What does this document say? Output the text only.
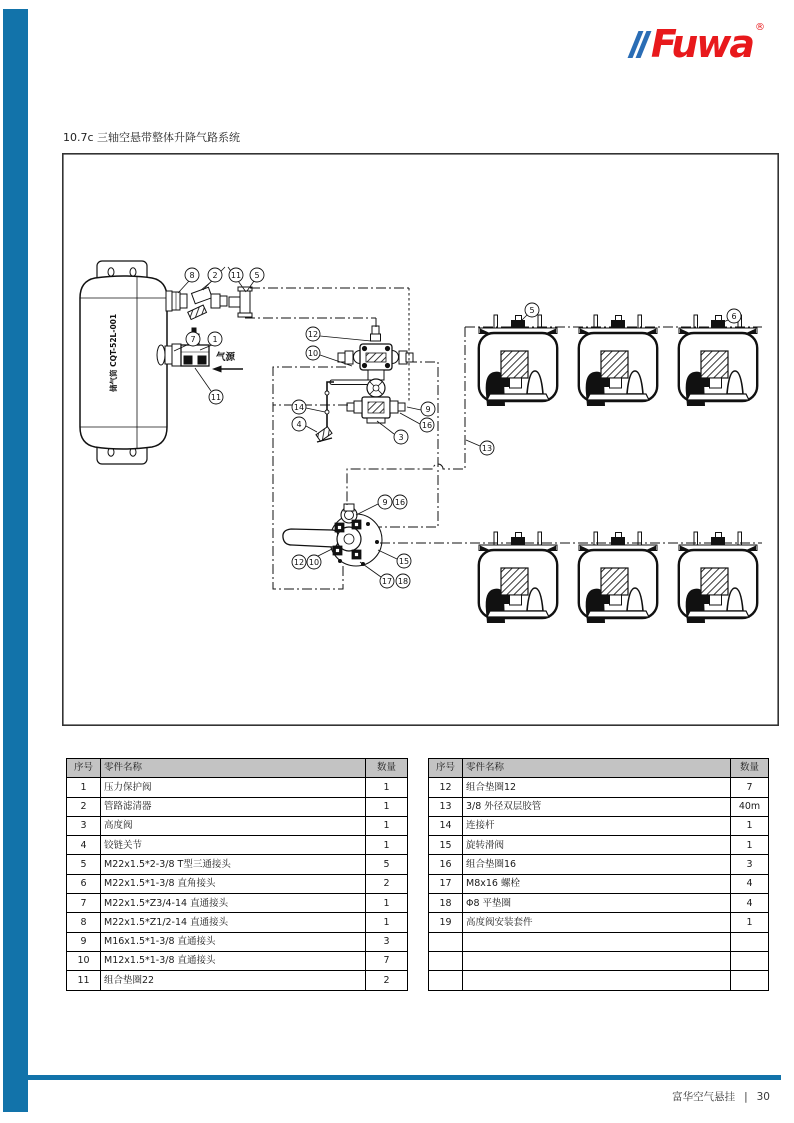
Fuwa ®
10.7c 三轴空悬带整体升降气路系统
储气筒 CQT-52L-001	气源
8 2 11 5
7 1
11
12
10
14
4
9
16
3
13
9 16
12 10	15
17 18
5
6
序号	零件名称	数量
1	压力保护阀	1
2	管路滤清器	1
3	高度阀	1
4	铰链关节	1
5	M22x1.5*2-3/8 T型三通接头	5
6	M22x1.5*1-3/8 直角接头	2
7	M22x1.5*Z3/4-14 直通接头	1
8	M22x1.5*Z1/2-14 直通接头	1
9	M16x1.5*1-3/8 直通接头	3
10	M12x1.5*1-3/8 直通接头	7
11	组合垫圈22	2
序号	零件名称	数量
12	组合垫圈12	7
13	3/8 外径双层胶管	40m
14	连接杆	1
15	旋转滑阀	1
16	组合垫圈16	3
17	M8x16 螺栓	4
18	Φ8 平垫圈	4
19	高度阀安装套件	1

富华空气悬挂 | 30
